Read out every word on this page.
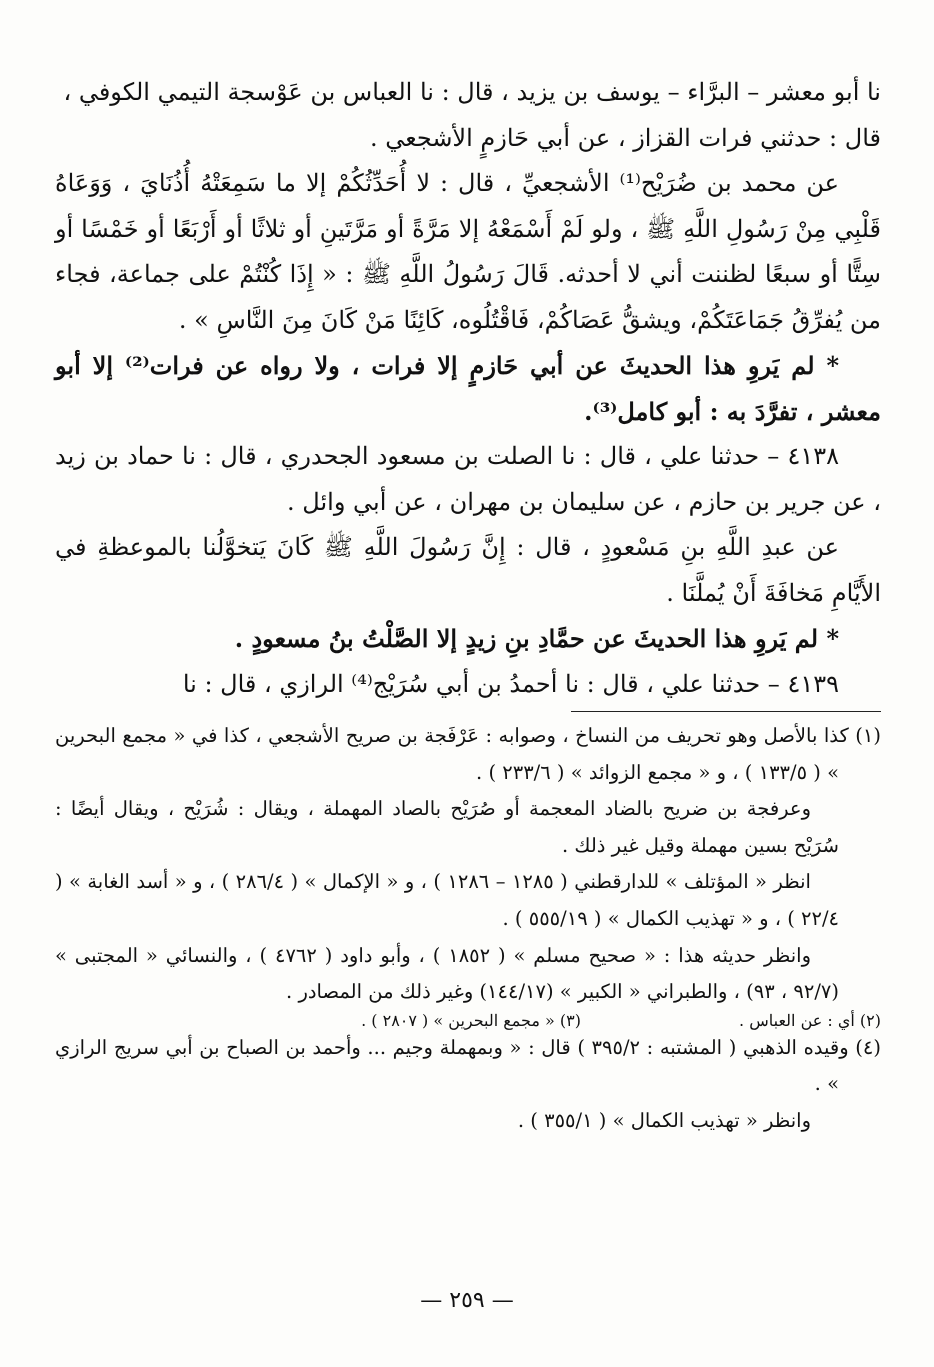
نا أبو معشر – البرَّاء – يوسف بن يزيد ، قال : نا العباس بن عَوْسجة التيمي الكوفي ،

قال : حدثني فرات القزاز ، عن أبي حَازمٍ الأشجعي .

عن محمد بن ضُرَيْح⁽¹⁾ الأشجعيِّ ، قال : لا أُحَدِّثُكُمْ إلا ما سَمِعَتْهُ أُذُنَايَ ، وَوَعَاهُ قَلْبِي مِنْ رَسُولِ اللَّهِ ﷺ ، ولو لَمْ أَسْمَعْهُ إلا مَرَّةً أو مَرَّتَينِ أو ثلاثًا أو أَرْبَعًا أو خَمْسًا أو سِتًّا أو سبعًا لظننت أني لا أحدثه. قَالَ رَسُولُ اللَّهِ ﷺ : « إِذَا كُنْتُمْ على جماعة، فجاء من يُفرِّقُ جَمَاعَتَكُمْ، ويشقُّ عَصَاكُمْ، فَاقْتُلُوه، كَائِنًا مَنْ كَانَ مِنَ النَّاسِ » .

* لم يَروِ هذا الحديثَ عن أبي حَازمٍ إلا فرات ، ولا رواه عن فرات⁽²⁾ إلا أبو معشر ، تفرَّدَ به : أبو كامل⁽³⁾.

٤١٣٨ – حدثنا علي ، قال : نا الصلت بن مسعود الجحدري ، قال : نا حماد بن زيد ، عن جرير بن حازم ، عن سليمان بن مهران ، عن أبي وائل .

عن عبدِ اللَّهِ بنِ مَسْعودٍ ، قال : إِنَّ رَسُولَ اللَّهِ ﷺ كَانَ يَتخوَّلُنا بالموعظةِ في الأَيَّامِ مَخافَةَ أَنْ يُملَّنَا .

* لم يَروِ هذا الحديثَ عن حمَّادِ بنِ زيدٍ إلا الصَّلْتُ بنُ مسعودٍ .

٤١٣٩ – حدثنا علي ، قال : نا أحمدُ بن أبي سُرَيْج⁽⁴⁾ الرازي ، قال : نا

(١) كذا بالأصل وهو تحريف من النساخ ، وصوابه : عَرْفَجة بن صريح الأشجعي ، كذا في « مجمع البحرين » ( ١٣٣/٥ ) ، و « مجمع الزوائد » ( ٢٣٣/٦ ) .

وعرفجة بن ضريح بالضاد المعجمة أو صُرَيْح بالصاد المهملة ، ويقال : شُرَيْح ، ويقال أيضًا : سُرَيْح بسين مهملة وقيل غير ذلك .

انظر « المؤتلف » للدارقطني ( ١٢٨٥ – ١٢٨٦ ) ، و « الإكمال » ( ٢٨٦/٤ ) ، و « أسد الغابة » ( ٢٢/٤ ) ، و « تهذيب الكمال » ( ٥٥٥/١٩ ) .

وانظر حديثه هذا : « صحيح مسلم » ( ١٨٥٢ ) ، وأبو داود ( ٤٧٦٢ ) ، والنسائي « المجتبى » (٩٢/٧ ، ٩٣) ، والطبراني « الكبير » (١٤٤/١٧) وغير ذلك من المصادر .

(٢) أي : عن العباس .
(٣) « مجمع البحرين » ( ٢٨٠٧ ) .

(٤) وقيده الذهبي ( المشتبه : ٣٩٥/٢ ) قال : « وبمهملة وجيم ... وأحمد بن الصباح بن أبي سريج الرازي » .

وانظر « تهذيب الكمال » ( ٣٥٥/١ ) .

— ٢٥٩ —
